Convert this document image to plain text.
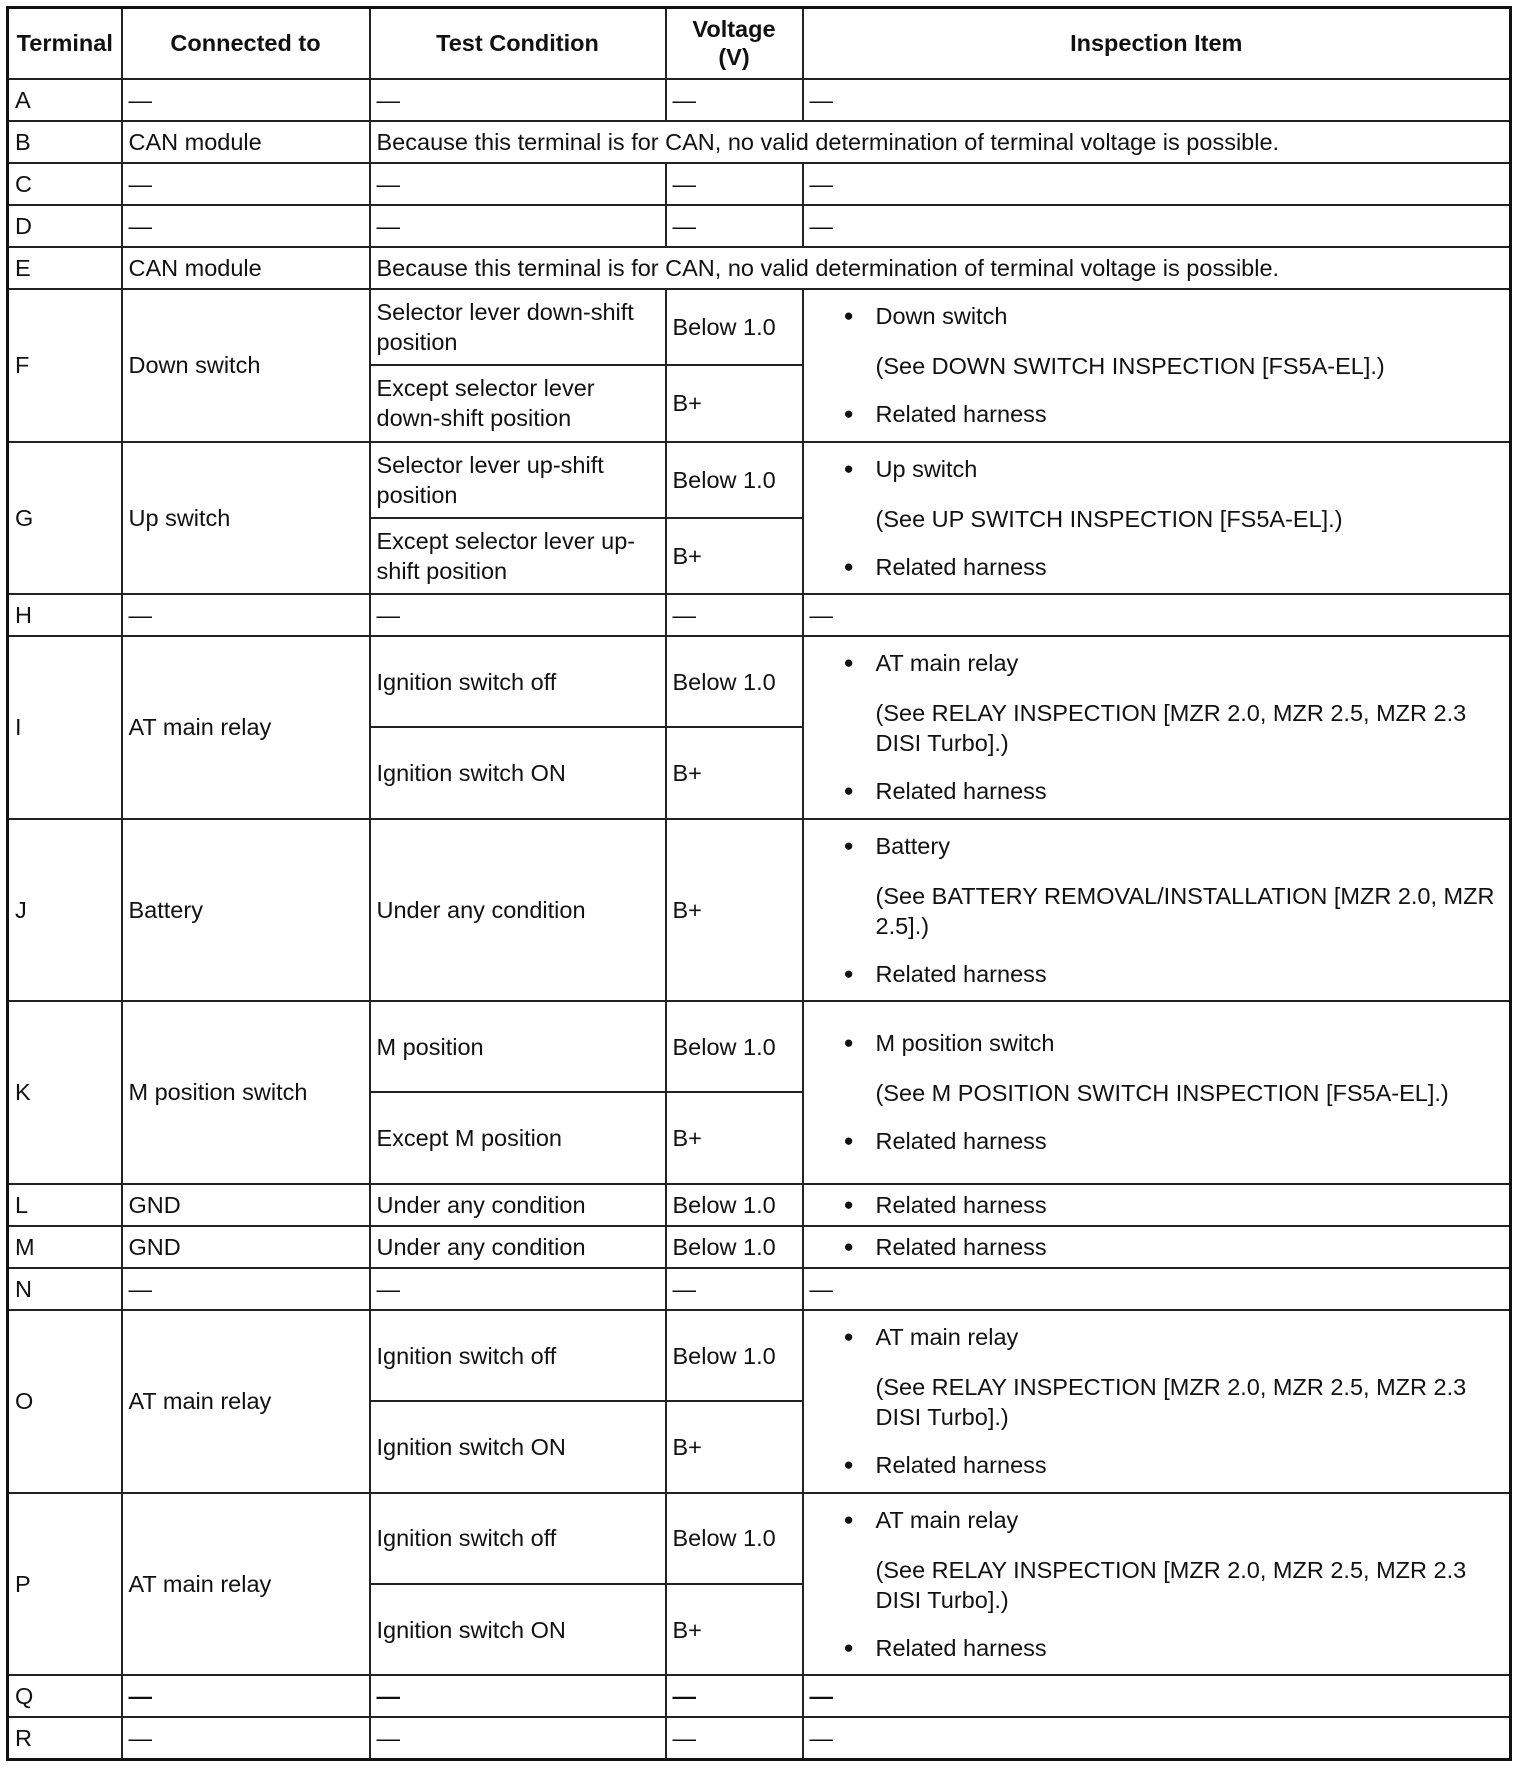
Terminal	Connected to	Test Condition	Voltage (V)	Inspection Item
A	—	—	—	—
B	CAN module	Because this terminal is for CAN, no valid determination of terminal voltage is possible.		
C	—	—	—	—
D	—	—	—	—
E	CAN module	Because this terminal is for CAN, no valid determination of terminal voltage is possible.		
F	Down switch	Selector lever down-shift position	Below 1.0	● Down switch
(See DOWN SWITCH INSPECTION [FS5A-EL].)
● Related harness

		Except selector lever down-shift position	B+	
G	Up switch	Selector lever up-shift position	Below 1.0	● Up switch
(See UP SWITCH INSPECTION [FS5A-EL].)
● Related harness

		Except selector lever up-shift position	B+	
H	—	—	—	—
I	AT main relay	Ignition switch off	Below 1.0	● AT main relay
(See RELAY INSPECTION [MZR 2.0, MZR 2.5, MZR 2.3 DISI Turbo].)
● Related harness

		Ignition switch ON	B+	
J	Battery	Under any condition	B+	● Battery
(See BATTERY REMOVAL/INSTALLATION [MZR 2.0, MZR 2.5].)
● Related harness

K	M position switch	M position	Below 1.0	● M position switch
(See M POSITION SWITCH INSPECTION [FS5A-EL].)
● Related harness

		Except M position	B+	
L	GND	Under any condition	Below 1.0	● Related harness

M	GND	Under any condition	Below 1.0	● Related harness

N	—	—	—	—
O	AT main relay	Ignition switch off	Below 1.0	● AT main relay
(See RELAY INSPECTION [MZR 2.0, MZR 2.5, MZR 2.3 DISI Turbo].)
● Related harness

		Ignition switch ON	B+	
P	AT main relay	Ignition switch off	Below 1.0	● AT main relay
(See RELAY INSPECTION [MZR 2.0, MZR 2.5, MZR 2.3 DISI Turbo].)
● Related harness

		Ignition switch ON	B+	
Q	—	—	—	—
R	—	—	—	—
